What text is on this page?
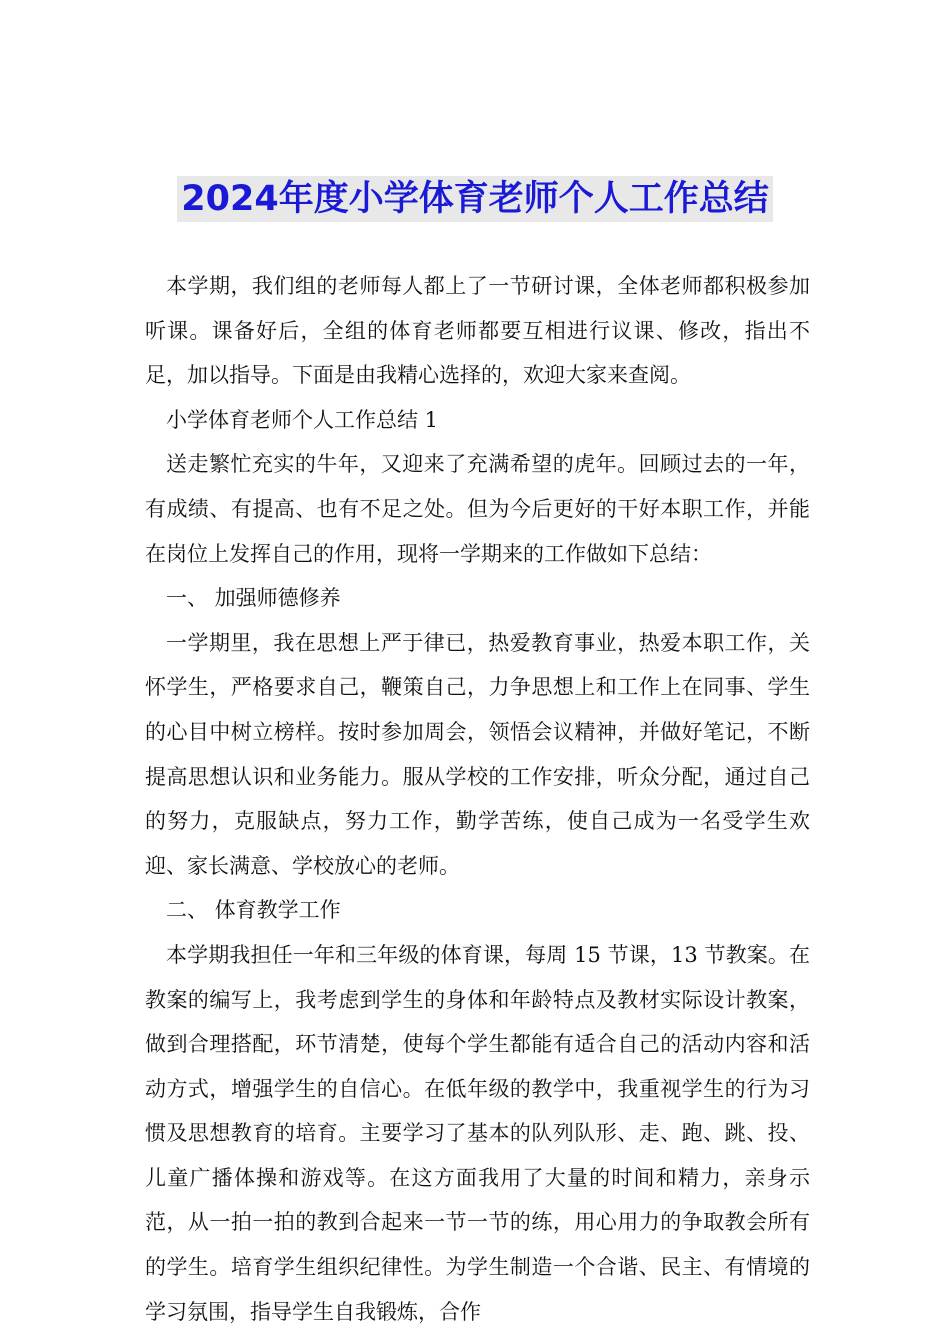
2024年度小学体育老师个人工作总结

本学期，我们组的老师每人都上了一节研讨课，全体老师都积极参加听课。课备好后，全组的体育老师都要互相进行议课、修改，指出不足，加以指导。下面是由我精心选择的，欢迎大家来查阅。

小学体育老师个人工作总结 1

送走繁忙充实的牛年，又迎来了充满希望的虎年。回顾过去的一年，有成绩、有提高、也有不足之处。但为今后更好的干好本职工作，并能在岗位上发挥自己的作用，现将一学期来的工作做如下总结：

一、 加强师德修养

一学期里，我在思想上严于律已，热爱教育事业，热爱本职工作，关怀学生，严格要求自己，鞭策自己，力争思想上和工作上在同事、学生的心目中树立榜样。按时参加周会，领悟会议精神，并做好笔记，不断提高思想认识和业务能力。服从学校的工作安排，听众分配，通过自己的努力，克服缺点，努力工作，勤学苦练，使自己成为一名受学生欢迎、家长满意、学校放心的老师。

二、 体育教学工作

本学期我担任一年和三年级的体育课，每周 15 节课，13 节教案。在教案的编写上，我考虑到学生的身体和年龄特点及教材实际设计教案，做到合理搭配，环节清楚，使每个学生都能有适合自己的活动内容和活动方式，增强学生的自信心。在低年级的教学中，我重视学生的行为习惯及思想教育的培育。主要学习了基本的队列队形、走、跑、跳、投、儿童广播体操和游戏等。在这方面我用了大量的时间和精力，亲身示范，从一拍一拍的教到合起来一节一节的练，用心用力的争取教会所有的学生。培育学生组织纪律性。为学生制造一个合谐、民主、有情境的学习氛围，指导学生自我锻炼，合作
